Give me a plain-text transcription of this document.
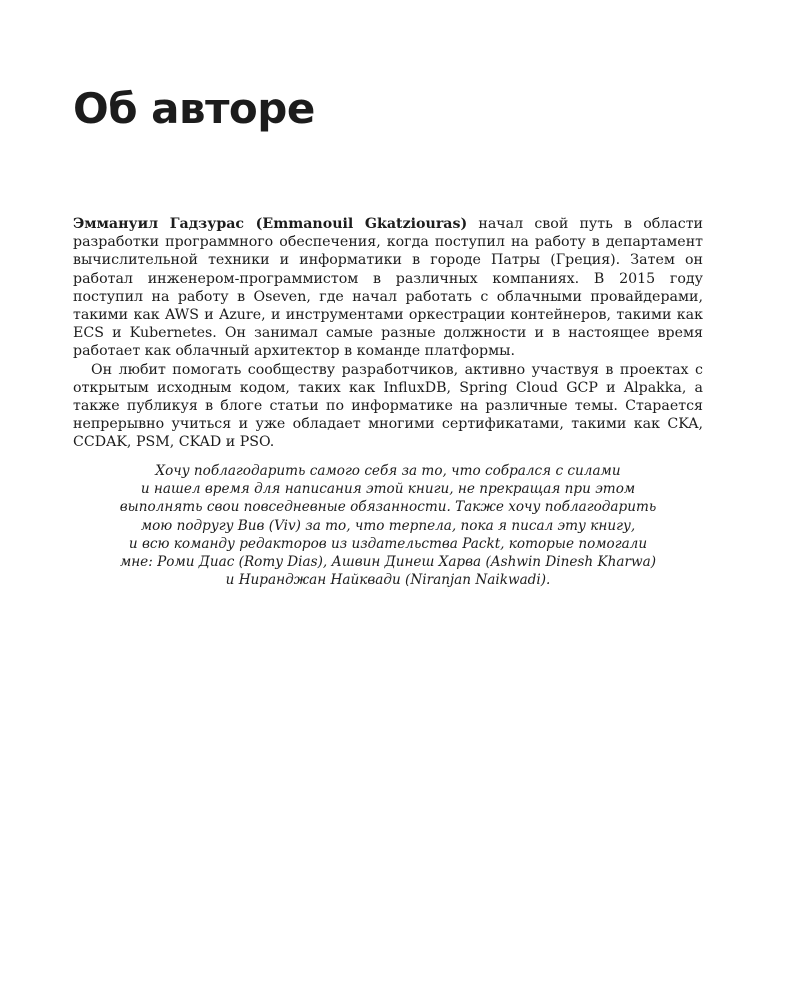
Об авторе

Эммануил Гадзурас (Emmanouil Gkatziouras) начал свой путь в области разработки программного обеспечения, когда поступил на работу в департамент вычислительной техники и информатики в городе Патры (Греция). Затем он работал инженером-программистом в различных компаниях. В 2015 году поступил на работу в Oseven, где начал работать с облачными провайдерами, такими как AWS и Azure, и инструментами оркестрации контейнеров, такими как ECS и Kubernetes. Он занимал самые разные должности и в настоящее время работает как облачный архитектор в команде платформы.

Он любит помогать сообществу разработчиков, активно участвуя в проектах с открытым исходным кодом, таких как InfluxDB, Spring Cloud GCP и Alpakka, а также публикуя в блоге статьи по информатике на различные темы. Старается непрерывно учиться и уже обладает многими сертификатами, такими как CKA, CCDAK, PSM, CKAD и PSO.

Хочу поблагодарить самого себя за то, что собрался с силами
и нашел время для написания этой книги, не прекращая при этом
выполнять свои повседневные обязанности. Также хочу поблагодарить
мою подругу Вив (Viv) за то, что терпела, пока я писал эту книгу,
и всю команду редакторов из издательства Packt, которые помогали
мне: Роми Диас (Romy Dias), Ашвин Динеш Харва (Ashwin Dinesh Kharwa)
и Ниранджан Найквади (Niranjan Naikwadi).
